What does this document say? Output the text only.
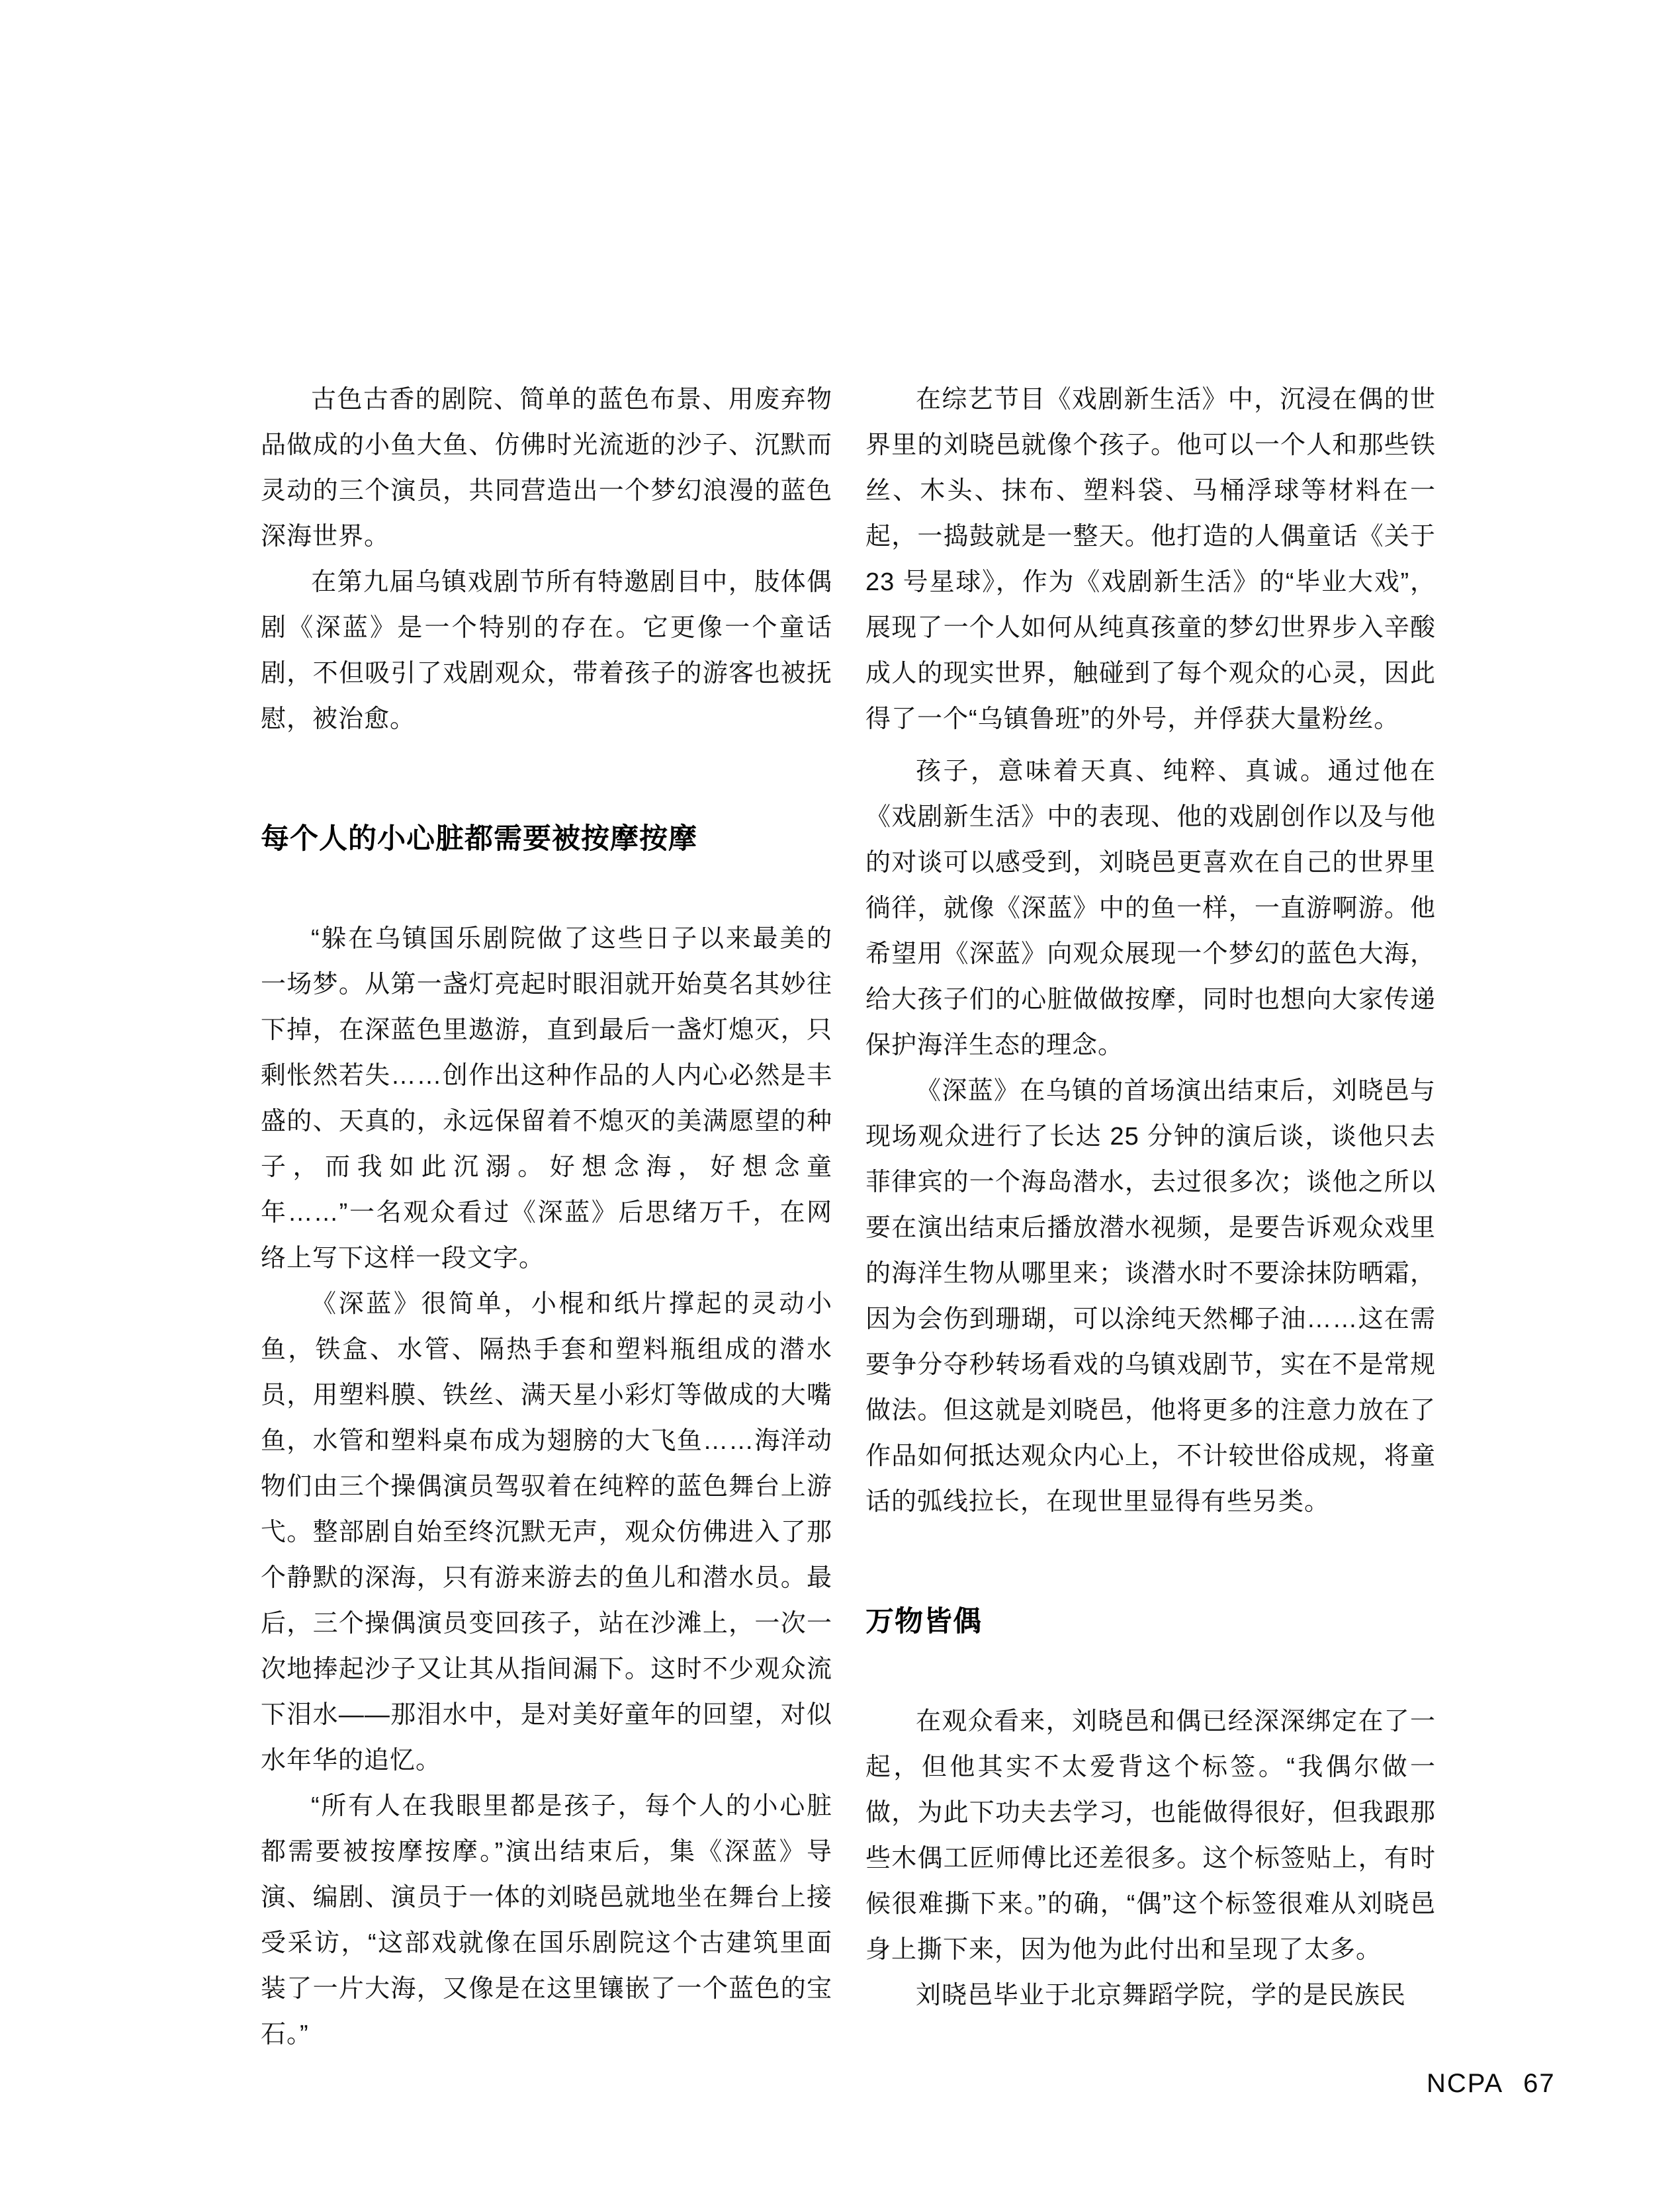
古色古香的剧院、简单的蓝色布景、用废弃物品做成的小鱼大鱼、仿佛时光流逝的沙子、沉默而灵动的三个演员，共同营造出一个梦幻浪漫的蓝色深海世界。

在第九届乌镇戏剧节所有特邀剧目中，肢体偶剧《深蓝》是一个特别的存在。它更像一个童话剧，不但吸引了戏剧观众，带着孩子的游客也被抚慰，被治愈。

每个人的小心脏都需要被按摩按摩

“躲在乌镇国乐剧院做了这些日子以来最美的一场梦。从第一盏灯亮起时眼泪就开始莫名其妙往下掉，在深蓝色里遨游，直到最后一盏灯熄灭，只剩怅然若失……创作出这种作品的人内心必然是丰盛的、天真的，永远保留着不熄灭的美满愿望的种子，而我如此沉溺。好想念海，好想念童年……”一名观众看过《深蓝》后思绪万千，在网络上写下这样一段文字。

《深蓝》很简单，小棍和纸片撑起的灵动小鱼，铁盒、水管、隔热手套和塑料瓶组成的潜水员，用塑料膜、铁丝、满天星小彩灯等做成的大嘴鱼，水管和塑料桌布成为翅膀的大飞鱼……海洋动物们由三个操偶演员驾驭着在纯粹的蓝色舞台上游弋。整部剧自始至终沉默无声，观众仿佛进入了那个静默的深海，只有游来游去的鱼儿和潜水员。最后，三个操偶演员变回孩子，站在沙滩上，一次一次地捧起沙子又让其从指间漏下。这时不少观众流下泪水——那泪水中，是对美好童年的回望，对似水年华的追忆。

“所有人在我眼里都是孩子，每个人的小心脏都需要被按摩按摩。”演出结束后，集《深蓝》导演、编剧、演员于一体的刘晓邑就地坐在舞台上接受采访，“这部戏就像在国乐剧院这个古建筑里面装了一片大海，又像是在这里镶嵌了一个蓝色的宝石。”

在综艺节目《戏剧新生活》中，沉浸在偶的世界里的刘晓邑就像个孩子。他可以一个人和那些铁丝、木头、抹布、塑料袋、马桶浮球等材料在一起，一捣鼓就是一整天。他打造的人偶童话《关于23 号星球》，作为《戏剧新生活》的“毕业大戏”，展现了一个人如何从纯真孩童的梦幻世界步入辛酸成人的现实世界，触碰到了每个观众的心灵，因此得了一个“乌镇鲁班”的外号，并俘获大量粉丝。

孩子，意味着天真、纯粹、真诚。通过他在《戏剧新生活》中的表现、他的戏剧创作以及与他的对谈可以感受到，刘晓邑更喜欢在自己的世界里徜徉，就像《深蓝》中的鱼一样，一直游啊游。他希望用《深蓝》向观众展现一个梦幻的蓝色大海，给大孩子们的心脏做做按摩，同时也想向大家传递保护海洋生态的理念。

《深蓝》在乌镇的首场演出结束后，刘晓邑与现场观众进行了长达 25 分钟的演后谈，谈他只去菲律宾的一个海岛潜水，去过很多次；谈他之所以要在演出结束后播放潜水视频，是要告诉观众戏里的海洋生物从哪里来；谈潜水时不要涂抹防晒霜，因为会伤到珊瑚，可以涂纯天然椰子油……这在需要争分夺秒转场看戏的乌镇戏剧节，实在不是常规做法。但这就是刘晓邑，他将更多的注意力放在了作品如何抵达观众内心上，不计较世俗成规，将童话的弧线拉长，在现世里显得有些另类。

万物皆偶

在观众看来，刘晓邑和偶已经深深绑定在了一起，但他其实不太爱背这个标签。“我偶尔做一做，为此下功夫去学习，也能做得很好，但我跟那些木偶工匠师傅比还差很多。这个标签贴上，有时候很难撕下来。”的确，“偶”这个标签很难从刘晓邑身上撕下来，因为他为此付出和呈现了太多。

刘晓邑毕业于北京舞蹈学院，学的是民族民

NCPA 67
